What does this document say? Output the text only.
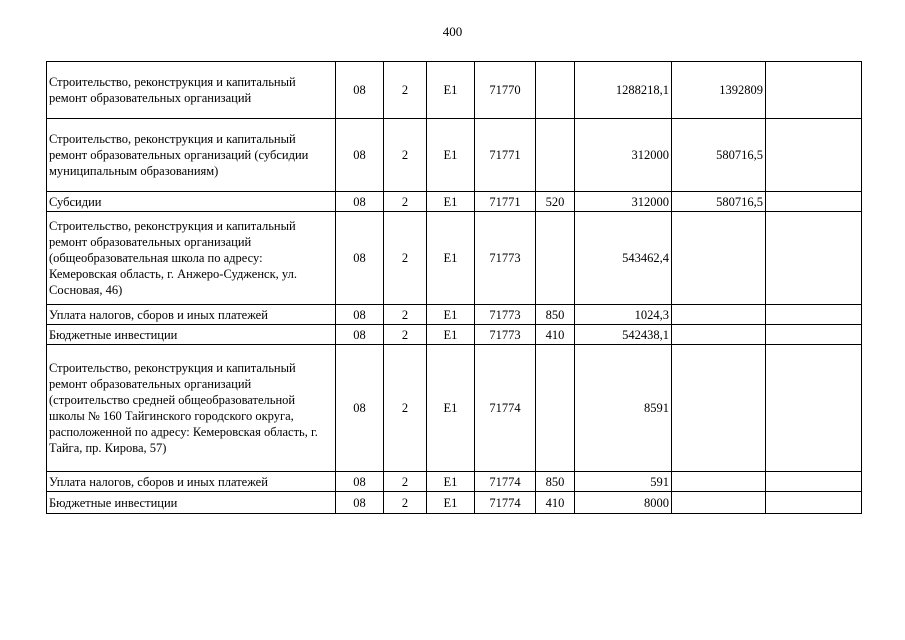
400
Строительство, реконструкция и капитальный ремонт образовательных организаций	08	2	E1	71770		1288218,1	1392809	
Строительство, реконструкция и капитальный ремонт образовательных организаций (субсидии муниципальным образованиям)	08	2	E1	71771		312000	580716,5	
Субсидии	08	2	E1	71771	520	312000	580716,5	
Строительство, реконструкция и капитальный ремонт образовательных организаций (общеобразовательная школа по адресу: Кемеровская область, г. Анжеро-Судженск, ул. Сосновая, 46)	08	2	E1	71773		543462,4		
Уплата налогов, сборов и иных платежей	08	2	E1	71773	850	1024,3		
Бюджетные инвестиции	08	2	E1	71773	410	542438,1		
Строительство, реконструкция и капитальный ремонт образовательных организаций (строительство средней общеобразовательной школы № 160 Тайгинского городского округа, расположенной по адресу: Кемеровская область, г. Тайга, пр. Кирова, 57)	08	2	E1	71774		8591		
Уплата налогов, сборов и иных платежей	08	2	E1	71774	850	591		
Бюджетные инвестиции	08	2	E1	71774	410	8000		
